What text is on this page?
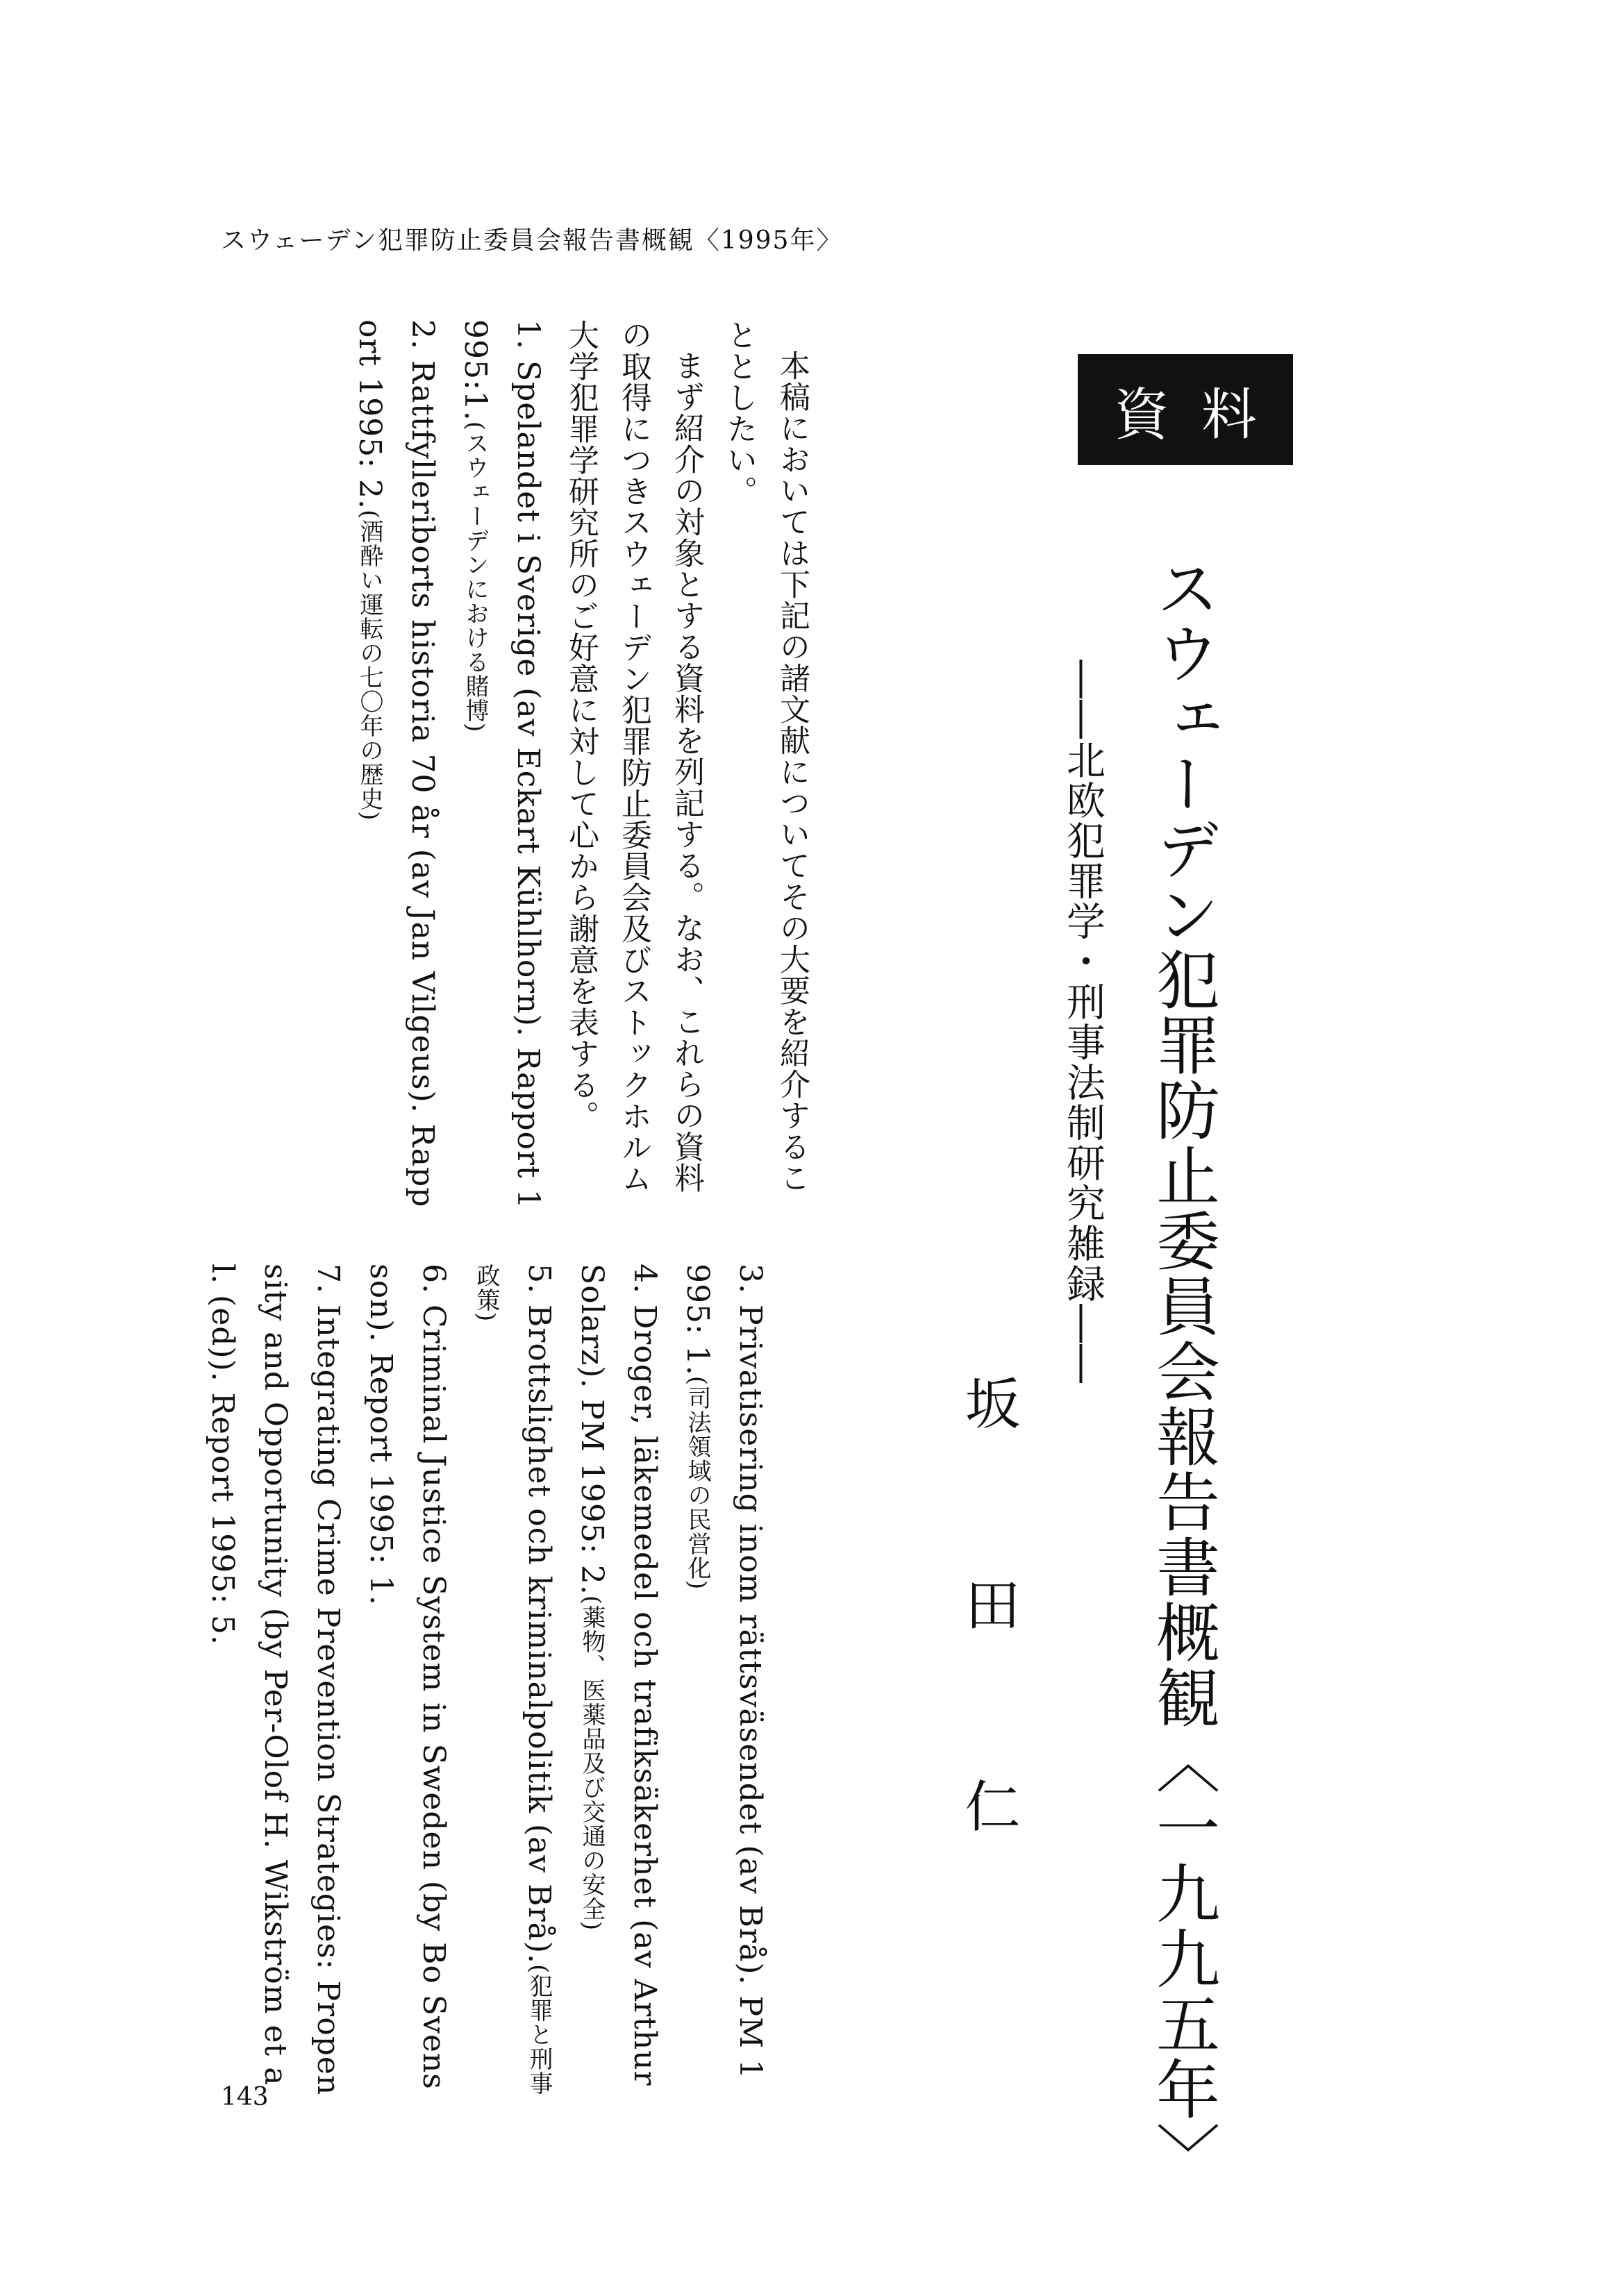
スウェーデン犯罪防止委員会報告書概観〈1995年〉
資料
スウェーデン犯罪防止委員会報告書概観〈一九九五年〉
――北欧犯罪学・刑事法制研究雑録――
坂田仁

本稿においては下記の諸文献についてその大要を紹介することとしたい。

まず紹介の対象とする資料を列記する。なお、これらの資料の取得につきスウェーデン犯罪防止委員会及びストックホルム大学犯罪学研究所のご好意に対して心から謝意を表する。

1. Spelandet i Sverige (av Eckart Kühlhorn). Rapport 1995:1.(スウェーデンにおける賭博)

2. Rattfylleriborts historia 70 år (av Jan Vilgeus). Rapport 1995: 2.(酒酔い運転の七〇年の歴史)

3. Privatisering inom rättsväsendet (av Brå). PM 1995: 1.(司法領域の民営化)

4. Droger, läkemedel och trafiksäkerhet (av Arthur Solarz). PM 1995: 2.(薬物、医薬品及び交通の安全)

5. Brottslighet och kriminalpolitik (av Brå).(犯罪と刑事政策)

6. Criminal Justice System in Sweden (by Bo Svensson). Report 1995: 1.

7. Integrating Crime Prevention Strategies: Propensity and Opportunity (by Per-Olof H. Wikström et al. (ed)). Report 1995: 5.

143
